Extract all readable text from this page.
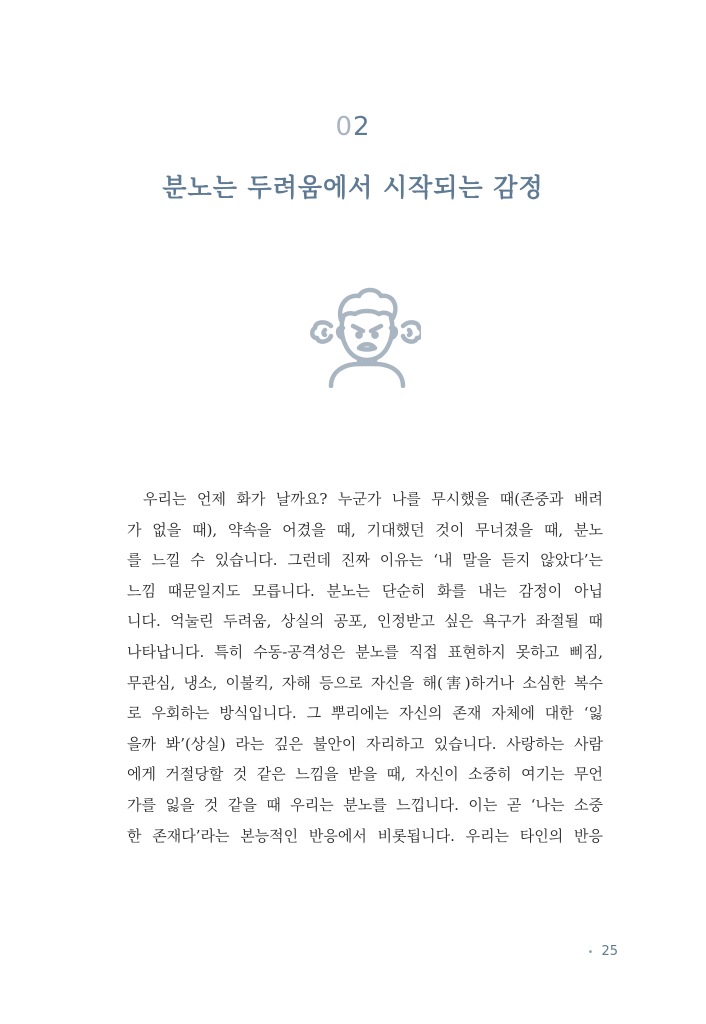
02
분노는 두려움에서 시작되는 감정
우리는 언제 화가 날까요? 누군가 나를 무시했을 때(존중과 배려
가 없을 때), 약속을 어겼을 때, 기대했던 것이 무너졌을 때, 분노
를 느낄 수 있습니다. 그런데 진짜 이유는 ‘내 말을 듣지 않았다’는
느낌 때문일지도 모릅니다. 분노는 단순히 화를 내는 감정이 아닙
니다. 억눌린 두려움, 상실의 공포, 인정받고 싶은 욕구가 좌절될 때
나타납니다. 특히 수동-공격성은 분노를 직접 표현하지 못하고 삐짐,
무관심, 냉소, 이불킥, 자해 등으로 자신을 해(害)하거나 소심한 복수
로 우회하는 방식입니다. 그 뿌리에는 자신의 존재 자체에 대한 ‘잃
을까 봐’(상실) 라는 깊은 불안이 자리하고 있습니다. 사랑하는 사람
에게 거절당할 것 같은 느낌을 받을 때, 자신이 소중히 여기는 무언
가를 잃을 것 같을 때 우리는 분노를 느낍니다. 이는 곧 ‘나는 소중
한 존재다’라는 본능적인 반응에서 비롯됩니다. 우리는 타인의 반응
• 25
